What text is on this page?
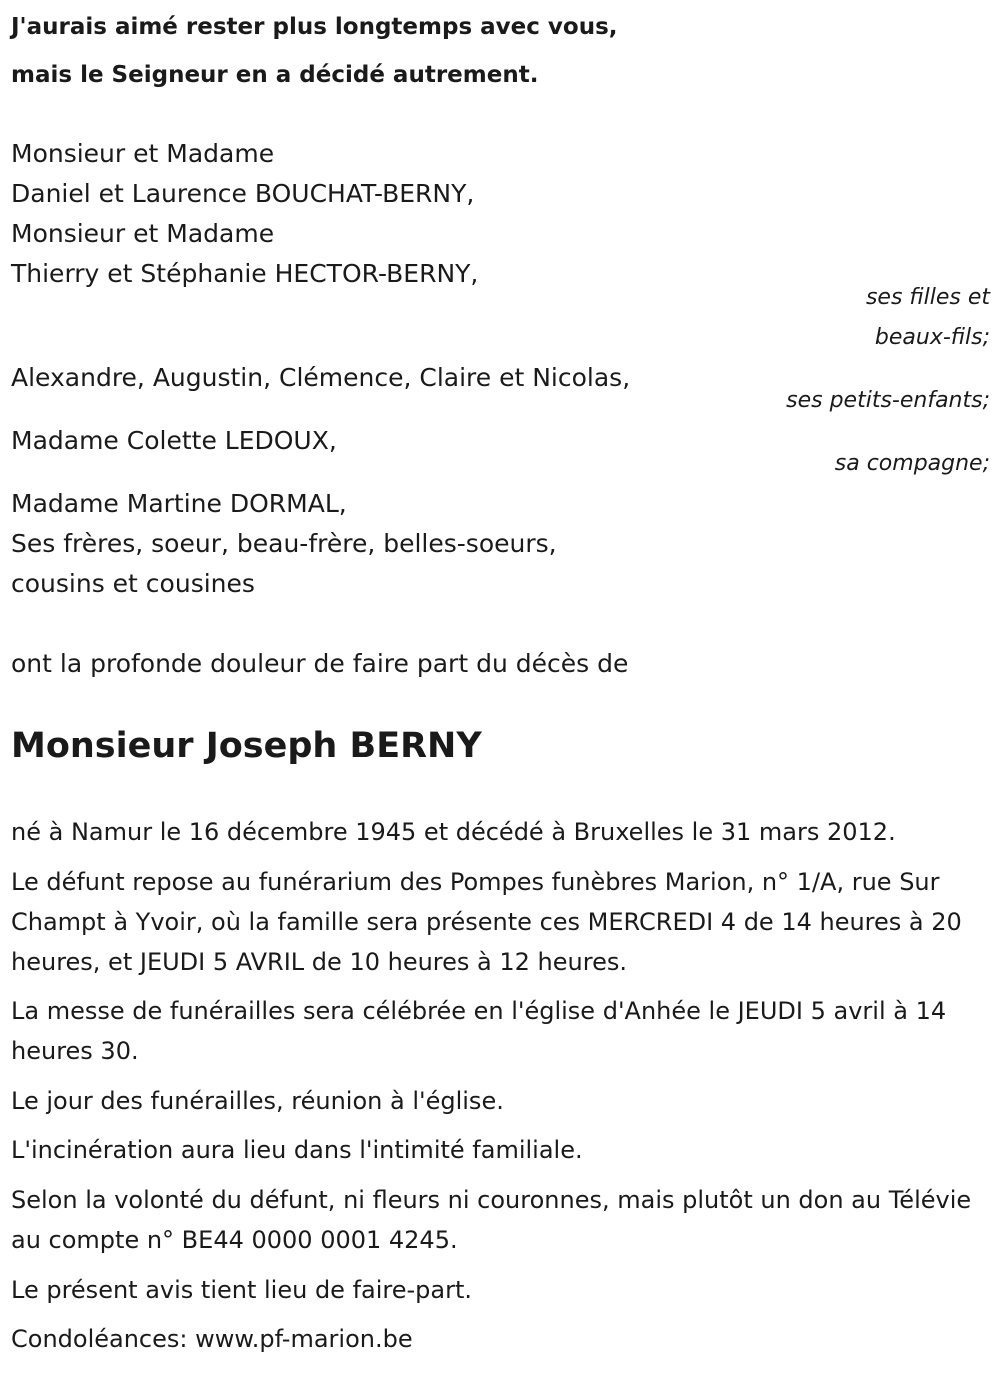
J'aurais aimé rester plus longtemps avec vous,
mais le Seigneur en a décidé autrement.
Monsieur et Madame
Daniel et Laurence BOUCHAT-BERNY,
Monsieur et Madame
Thierry et Stéphanie HECTOR-BERNY,
ses filles et
beaux-fils;
Alexandre, Augustin, Clémence, Claire et Nicolas,
ses petits-enfants;
Madame Colette LEDOUX,
sa compagne;
Madame Martine DORMAL,
Ses frères, soeur, beau-frère, belles-soeurs,
cousins et cousines
ont la profonde douleur de faire part du décès de
Monsieur Joseph BERNY
né à Namur le 16 décembre 1945 et décédé à Bruxelles le 31 mars 2012.
Le défunt repose au funérarium des Pompes funèbres Marion, n° 1/A, rue Sur Champt à Yvoir, où la famille sera présente ces MERCREDI 4 de 14 heures à 20 heures, et JEUDI 5 AVRIL de 10 heures à 12 heures.
La messe de funérailles sera célébrée en l'église d'Anhée le JEUDI 5 avril à 14 heures 30.
Le jour des funérailles, réunion à l'église.
L'incinération aura lieu dans l'intimité familiale.
Selon la volonté du défunt, ni fleurs ni couronnes, mais plutôt un don au Télévie au compte n° BE44 0000 0001 4245.
Le présent avis tient lieu de faire-part.
Condoléances: www.pf-marion.be
